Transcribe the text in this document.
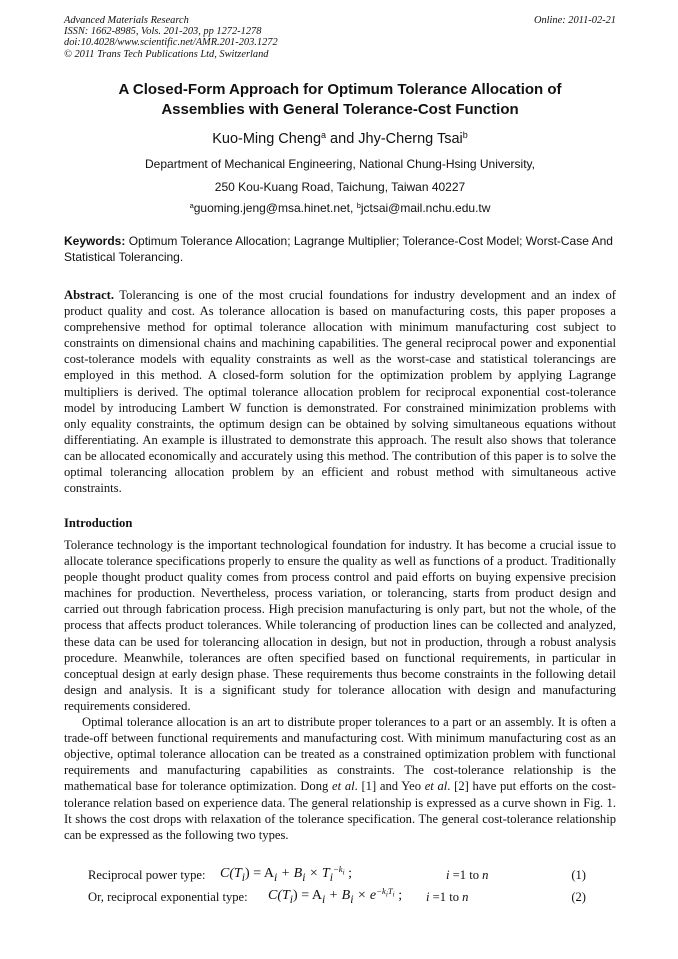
Advanced Materials Research
ISSN: 1662-8985, Vols. 201-203, pp 1272-1278
doi:10.4028/www.scientific.net/AMR.201-203.1272
© 2011 Trans Tech Publications Ltd, Switzerland
Online: 2011-02-21
A Closed-Form Approach for Optimum Tolerance Allocation of
Assemblies with General Tolerance-Cost Function
Kuo-Ming Cheng$^a$ and Jhy-Cherng Tsai$^b$
Department of Mechanical Engineering, National Chung-Hsing University,
250 Kou-Kuang Road, Taichung, Taiwan 40227
$^a$guoming.jeng@msa.hinet.net, $^b$jctsai@mail.nchu.edu.tw
Keywords: Optimum Tolerance Allocation; Lagrange Multiplier; Tolerance-Cost Model; Worst-Case And Statistical Tolerancing.
Abstract. Tolerancing is one of the most crucial foundations for industry development and an index of product quality and cost. As tolerance allocation is based on manufacturing costs, this paper proposes a comprehensive method for optimal tolerance allocation with minimum manufacturing cost subject to constraints on dimensional chains and machining capabilities. The general reciprocal power and exponential cost-tolerance models with equality constraints as well as the worst-case and statistical tolerancings are employed in this method. A closed-form solution for the optimization problem by applying Lagrange multipliers is derived. The optimal tolerance allocation problem for reciprocal exponential cost-tolerance model by introducing Lambert W function is demonstrated. For constrained minimization problems with only equality constraints, the optimum design can be obtained by solving simultaneous equations without differentiating. An example is illustrated to demonstrate this approach. The result also shows that tolerance can be allocated economically and accurately using this method. The contribution of this paper is to solve the optimal tolerancing allocation problem by an efficient and robust method with simultaneous active constraints.
Introduction

Tolerance technology is the important technological foundation for industry. It has become a crucial issue to allocate tolerance specifications properly to ensure the quality as well as functions of a product. Traditionally people thought product quality comes from process control and paid efforts on buying expensive precision machines for production. Nevertheless, process variation, or tolerancing, starts from product design and carried out through fabrication process. High precision manufacturing is only part, but not the whole, of the process that affects product tolerances. While tolerancing of production lines can be collected and analyzed, these data can be used for tolerancing allocation in design, but not in production, through a robust analysis procedure. Meanwhile, tolerances are often specified based on functional requirements, in particular in conceptual design at early design phase. These requirements thus become constraints in the following detail design and analysis. It is a significant study for tolerance allocation with design and manufacturing requirements considered.

Optimal tolerance allocation is an art to distribute proper tolerances to a part or an assembly. It is often a trade-off between functional requirements and manufacturing cost. With minimum manufacturing cost as an objective, optimal tolerance allocation can be treated as a constrained optimization problem with functional requirements and manufacturing capabilities as constraints. The cost-tolerance relationship is the mathematical base for tolerance optimization. Dong et al. [1] and Yeo et al. [2] have put efforts on the cost-tolerance relation based on experience data. The general relationship is expressed as a curve shown in Fig. 1. It shows the cost drops with relaxation of the tolerance specification. The general cost-tolerance relationship can be expressed as the following two types.

Reciprocal power type: $C(T_i) = A_i + B_i \times T_i^{-k_i}$ ;	i =1 to n	(1)
Or, reciprocal exponential type: $C(T_i) = A_i + B_i \times e^{-k_iT_i}$ ; i =1 to n	(2)
